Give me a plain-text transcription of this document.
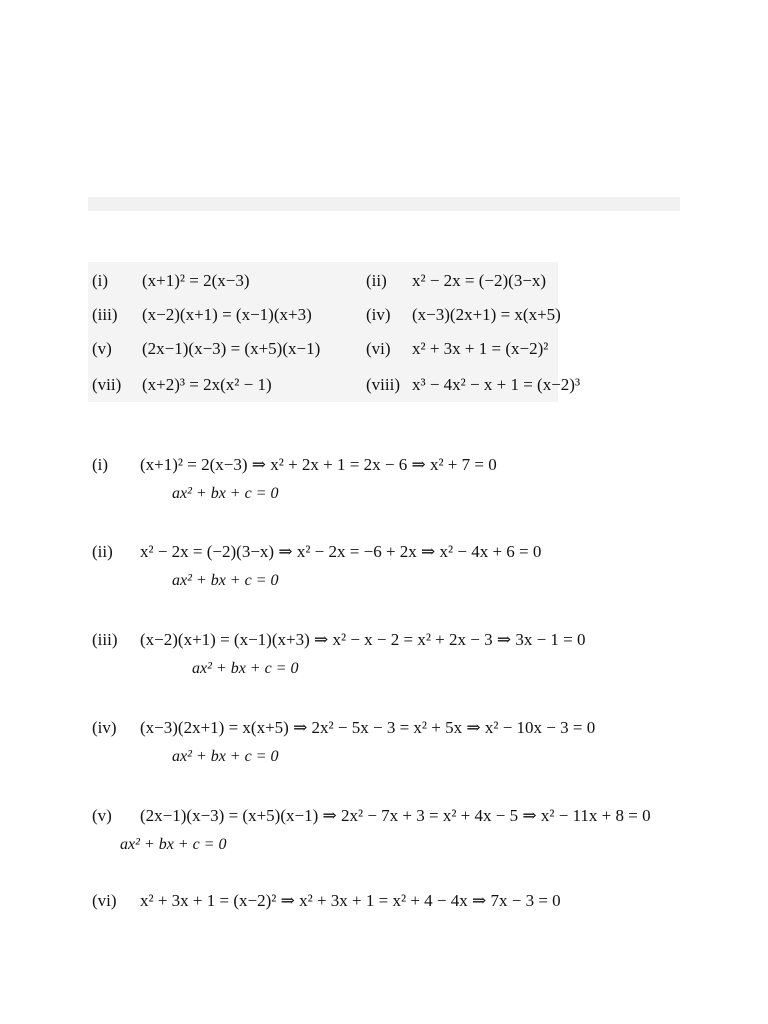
(i) (x+1)² = 2(x−3)
(iii) (x−2)(x+1) = (x−1)(x+3)
(v) (2x−1)(x−3) = (x+5)(x−1)
(vii) (x+2)³ = 2x(x² − 1)
(ii) x² − 2x = (−2)(3−x)
(iv) (x−3)(2x+1) = x(x+5)
(vi) x² + 3x + 1 = (x−2)²
(viii) x³ − 4x² − x + 1 = (x−2)³
(i) (x+1)² = 2(x−3) ⇒ x² + 2x + 1 = 2x − 6 ⇒ x² + 7 = 0
ax² + bx + c = 0
(ii) x² − 2x = (−2)(3−x) ⇒ x² − 2x = −6 + 2x ⇒ x² − 4x + 6 = 0
ax² + bx + c = 0
(iii) (x−2)(x+1) = (x−1)(x+3) ⇒ x² − x − 2 = x² + 2x − 3 ⇒ 3x − 1 = 0
ax² + bx + c = 0
(iv) (x−3)(2x+1) = x(x+5) ⇒ 2x² − 5x − 3 = x² + 5x ⇒ x² − 10x − 3 = 0
ax² + bx + c = 0
(v) (2x−1)(x−3) = (x+5)(x−1) ⇒ 2x² − 7x + 3 = x² + 4x − 5 ⇒ x² − 11x + 8 = 0
ax² + bx + c = 0
(vi) x² + 3x + 1 = (x−2)² ⇒ x² + 3x + 1 = x² + 4 − 4x ⇒ 7x − 3 = 0
